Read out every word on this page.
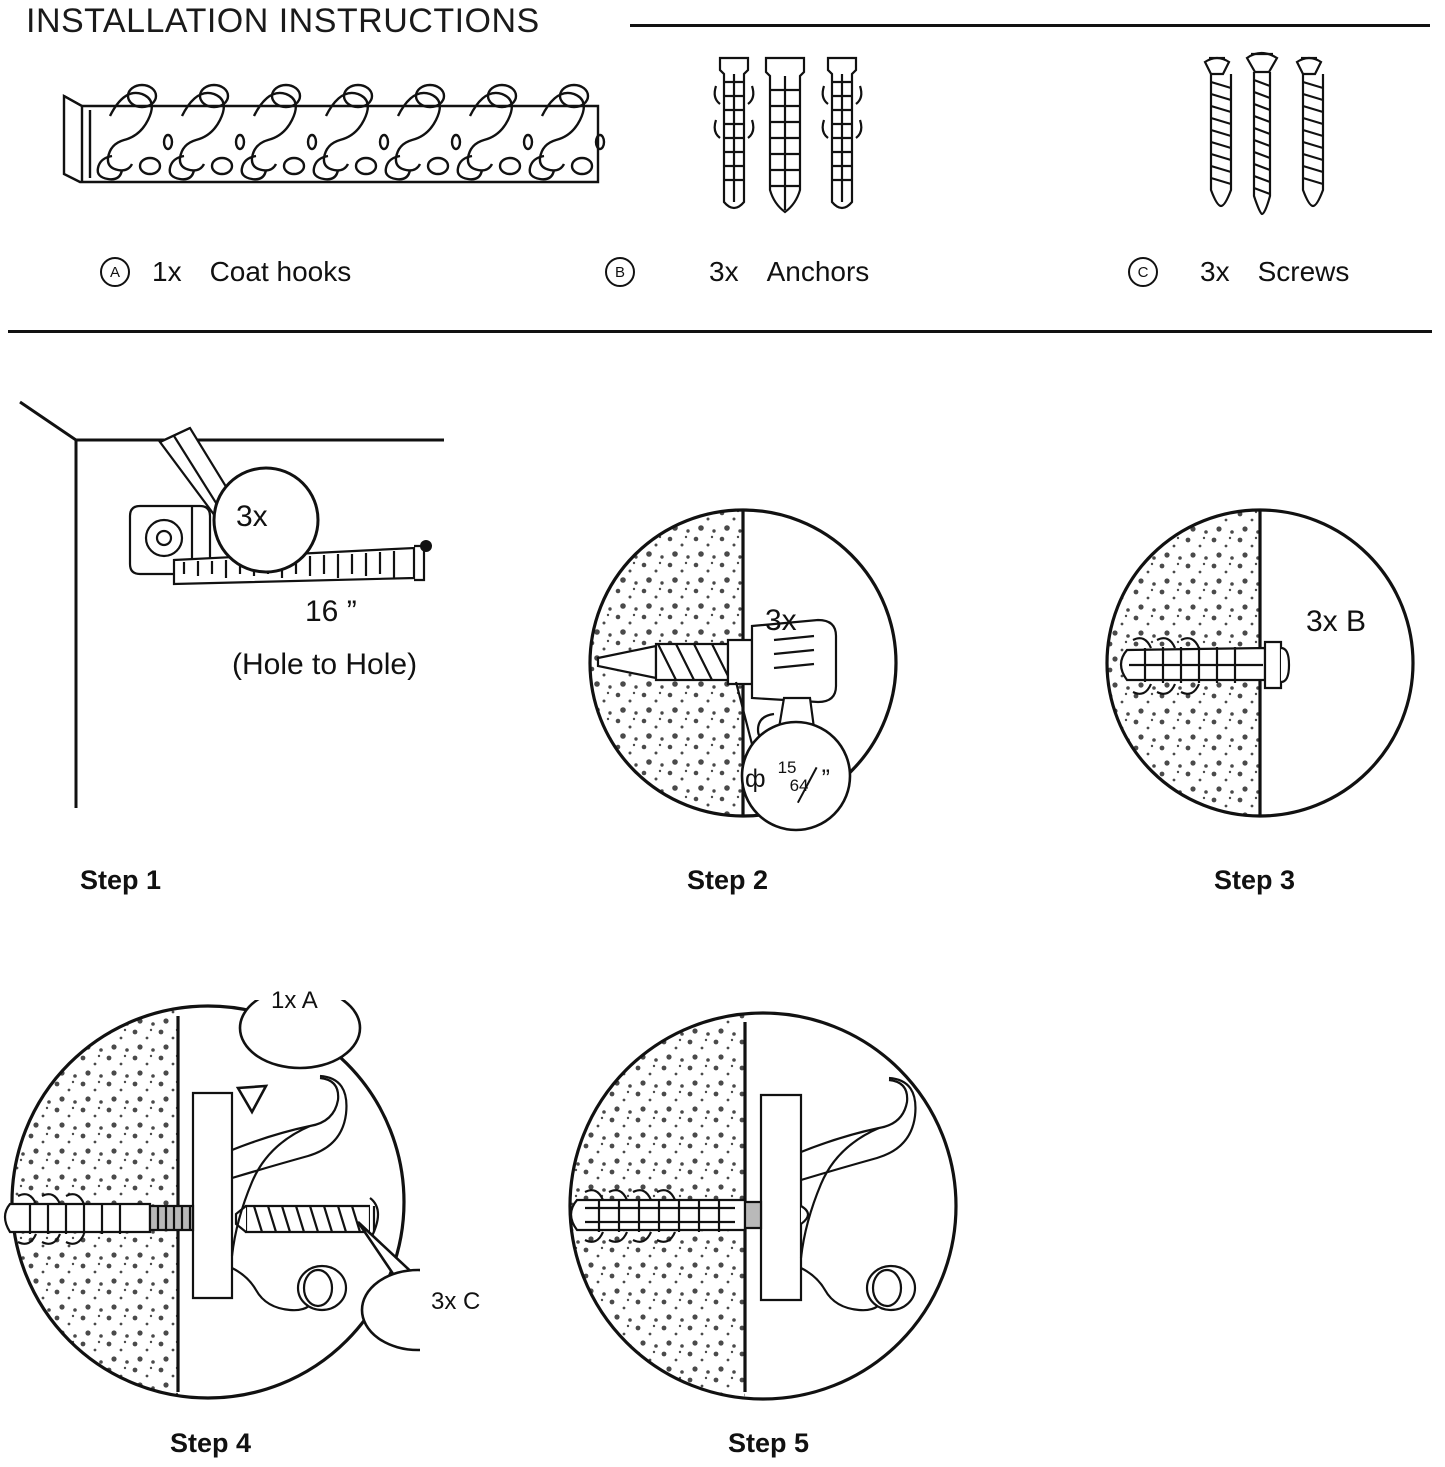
INSTALLATION INSTRUCTIONS
A	1x Coat hooks	B	3x Anchors	C	3x Screws
3x
16 ”
(Hole to Hole)
Step 1
3x
ф 15
64 ”
Step 2
3x B
Step 3
1x A
3x C
Step 4	Step 5
